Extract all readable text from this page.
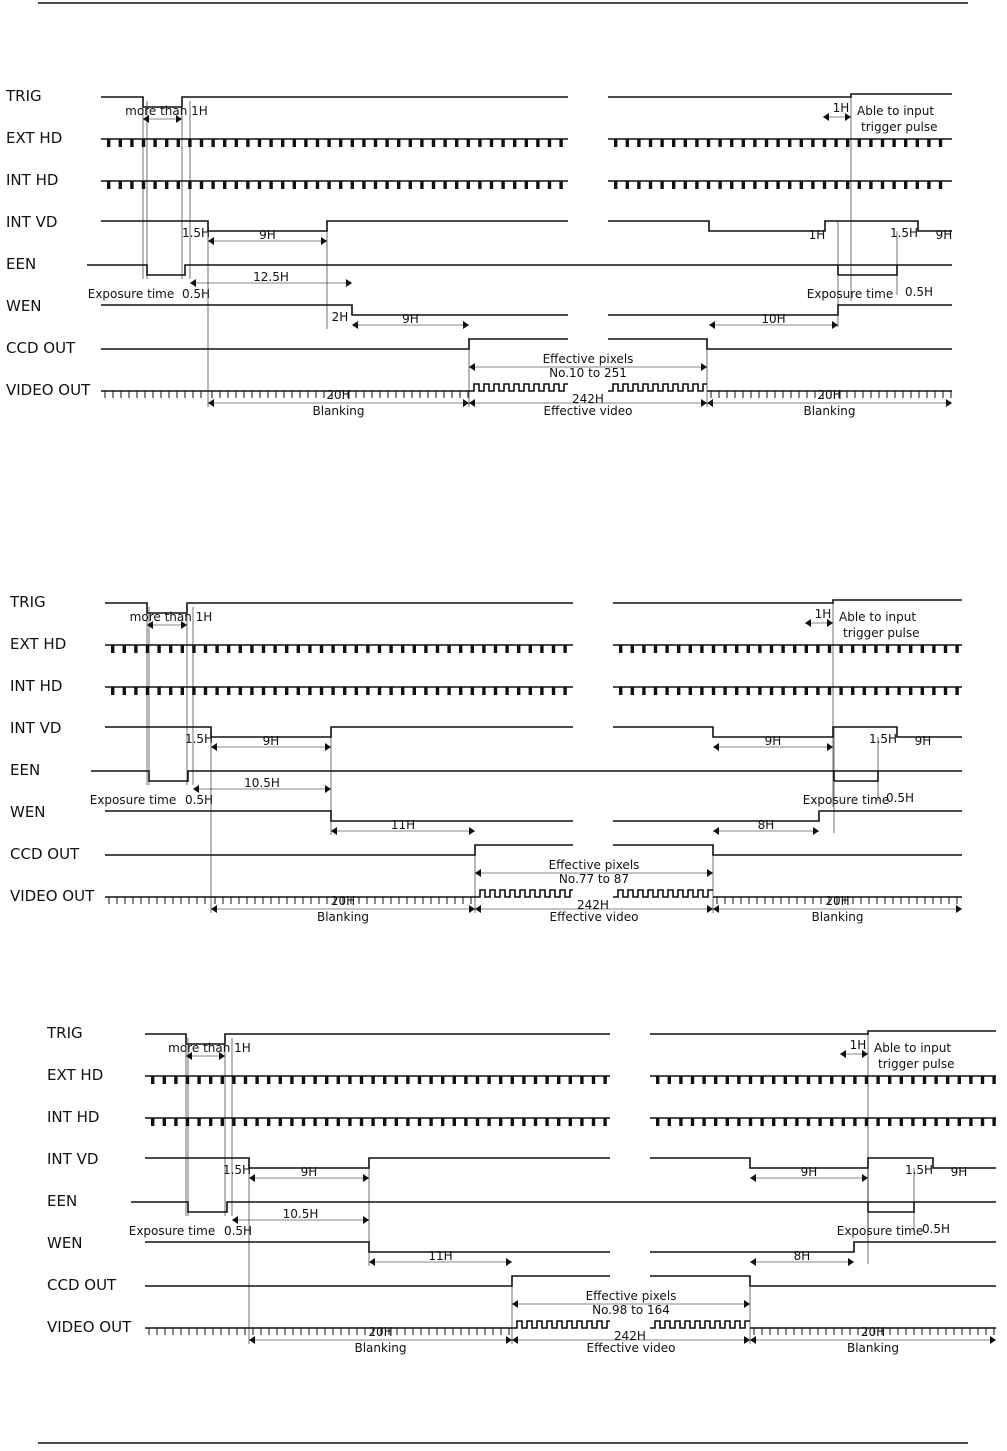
TRIG
EXT HD
INT HD
INT VD
EEN
WEN
CCD OUT
VIDEO OUT
more than 1H	1H Able to input
trigger pulse
1.5H	9H	1H	1.5H 9H
12.5H
Exposure time 0.5H	Exposure time 0.5H
2H	9H	10H
Effective pixels
No.10 to 251
20H
Blanking
242H
Effective video
20H
Blanking
TRIG
EXT HD
INT HD
INT VD
EEN
WEN
CCD OUT
VIDEO OUT
more than 1H	1H Able to input
trigger pulse
1.5H	9H	9H	1.5H 9H
10.5H
Exposure time 0.5H	Exposure time
0.5H
11H	8H
Effective pixels
No.77 to 87
20H
Blanking
242H
Effective video
20H
Blanking
TRIG
EXT HD
INT HD
INT VD
EEN
WEN
CCD OUT
VIDEO OUT
more than 1H	1H Able to input
trigger pulse
1.5H	9H	9H	1.5H 9H
10.5H
Exposure time 0.5H	Exposure time
0.5H
11H	8H
Effective pixels
No.98 to 164
20H
Blanking
242H
Effective video
20H
Blanking
